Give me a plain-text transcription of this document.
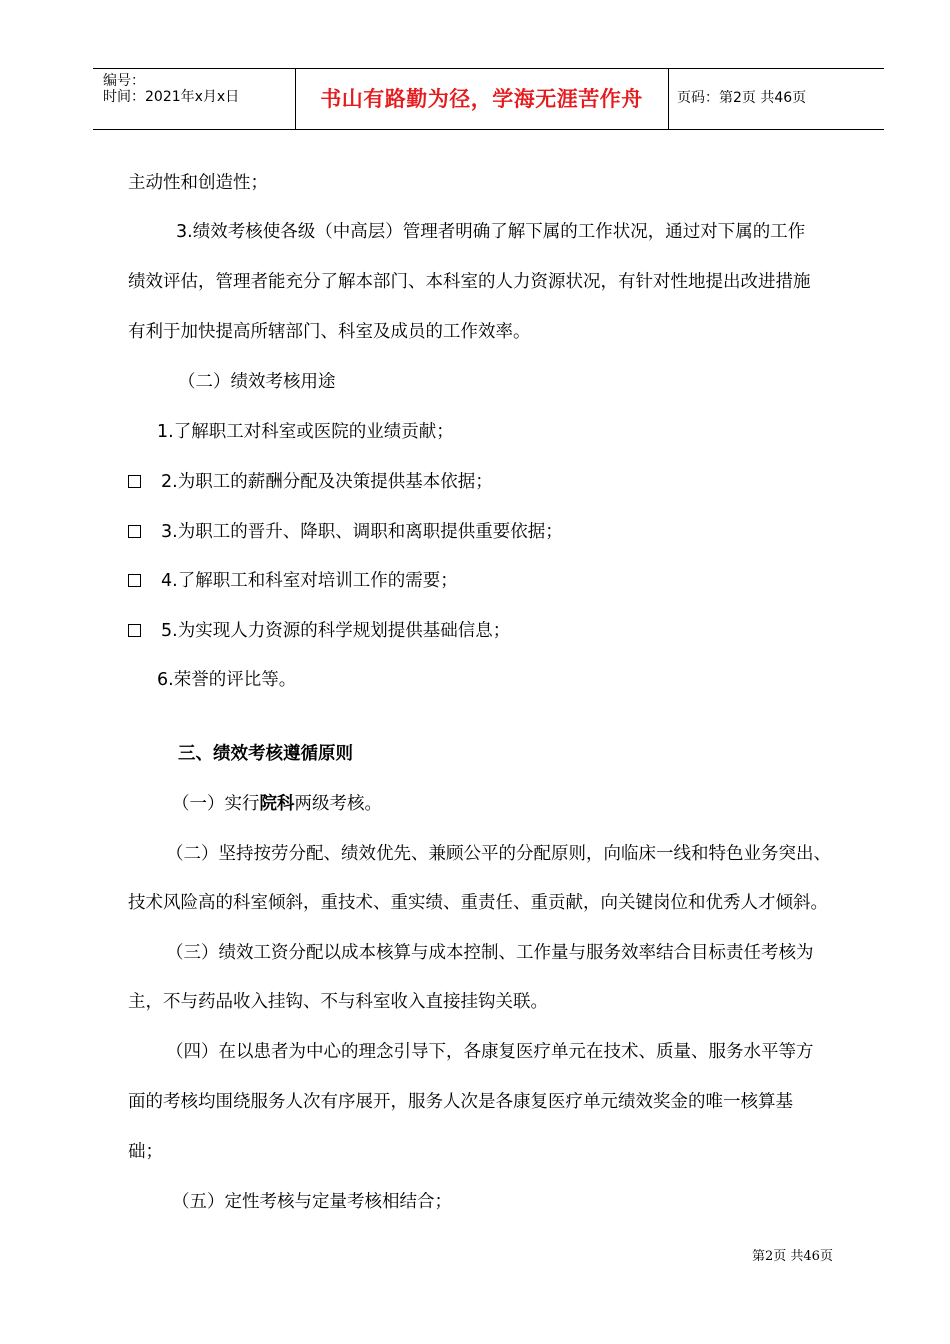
编号：
时间：2021年x月x日	书山有路勤为径，学海无涯苦作舟	页码：第2页 共46页
主动性和创造性；
3.绩效考核使各级（中高层）管理者明确了解下属的工作状况，通过对下属的工作
绩效评估，管理者能充分了解本部门、本科室的人力资源状况，有针对性地提出改进措施
有利于加快提高所辖部门、科室及成员的工作效率。
（二）绩效考核用途
1.了解职工对科室或医院的业绩贡献；
2.为职工的薪酬分配及决策提供基本依据；
3.为职工的晋升、降职、调职和离职提供重要依据；
4.了解职工和科室对培训工作的需要；
5.为实现人力资源的科学规划提供基础信息；
6.荣誉的评比等。
三、绩效考核遵循原则
（一）实行院科两级考核。
（二）坚持按劳分配、绩效优先、兼顾公平的分配原则，向临床一线和特色业务突出、
技术风险高的科室倾斜，重技术、重实绩、重责任、重贡献，向关键岗位和优秀人才倾斜。
（三）绩效工资分配以成本核算与成本控制、工作量与服务效率结合目标责任考核为
主，不与药品收入挂钩、不与科室收入直接挂钩关联。
（四）在以患者为中心的理念引导下，各康复医疗单元在技术、质量、服务水平等方
面的考核均围绕服务人次有序展开，服务人次是各康复医疗单元绩效奖金的唯一核算基
础；
（五）定性考核与定量考核相结合；
第2页 共46页
